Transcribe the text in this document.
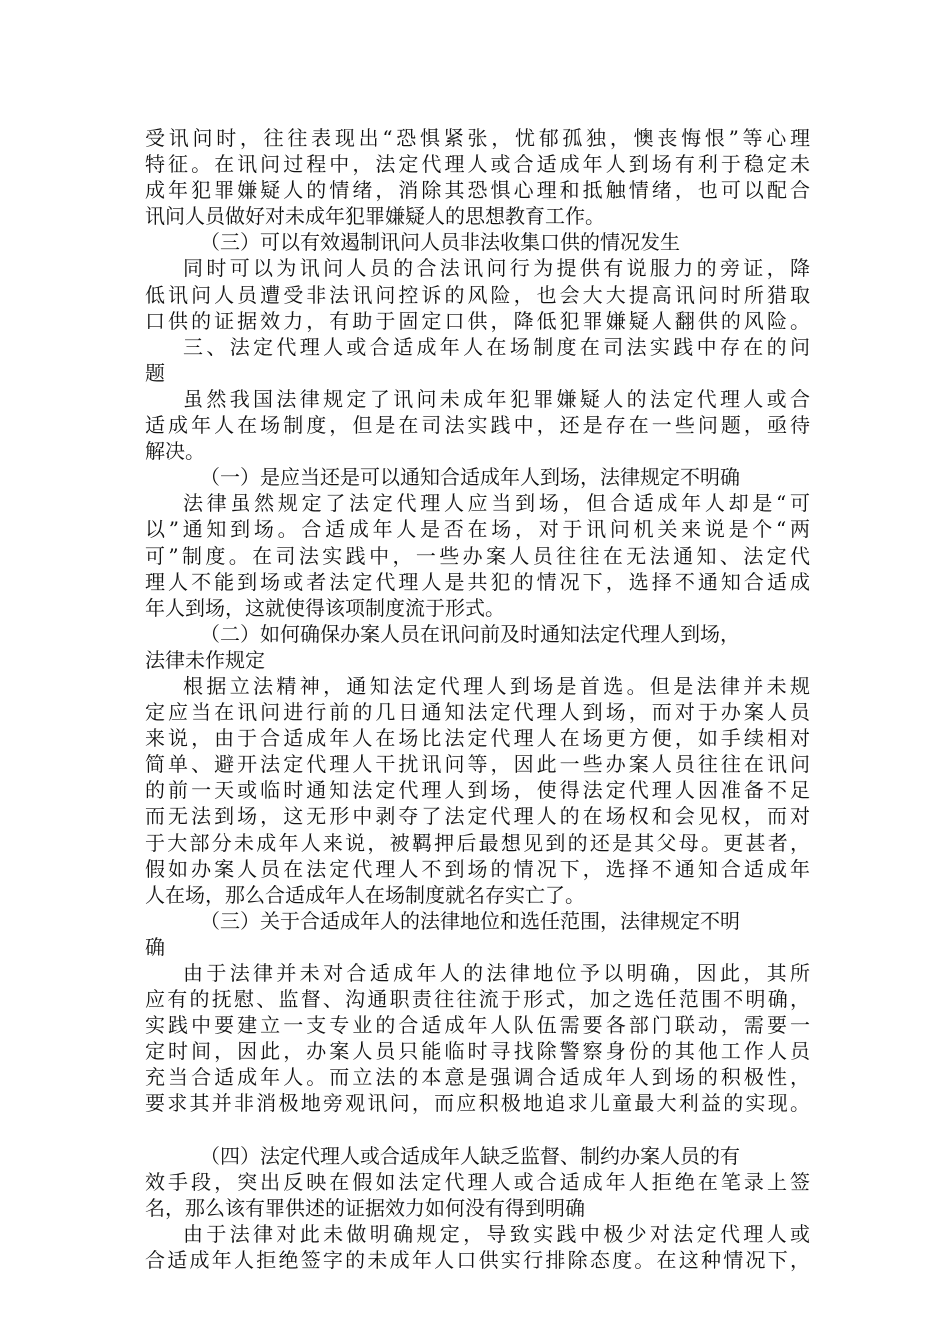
受讯问时，往往表现出“恐惧紧张，忧郁孤独，懊丧悔恨”等心理
特征。在讯问过程中，法定代理人或合适成年人到场有利于稳定未
成年犯罪嫌疑人的情绪，消除其恐惧心理和抵触情绪，也可以配合
讯问人员做好对未成年犯罪嫌疑人的思想教育工作。
（三）可以有效遏制讯问人员非法收集口供的情况发生
同时可以为讯问人员的合法讯问行为提供有说服力的旁证，降
低讯问人员遭受非法讯问控诉的风险，也会大大提高讯问时所猎取
口供的证据效力，有助于固定口供，降低犯罪嫌疑人翻供的风险。
三、法定代理人或合适成年人在场制度在司法实践中存在的问
题
虽然我国法律规定了讯问未成年犯罪嫌疑人的法定代理人或合
适成年人在场制度，但是在司法实践中，还是存在一些问题，亟待
解决。
（一）是应当还是可以通知合适成年人到场，法律规定不明确
法律虽然规定了法定代理人应当到场，但合适成年人却是“可
以”通知到场。合适成年人是否在场，对于讯问机关来说是个“两
可”制度。在司法实践中，一些办案人员往往在无法通知、法定代
理人不能到场或者法定代理人是共犯的情况下，选择不通知合适成
年人到场，这就使得该项制度流于形式。
（二）如何确保办案人员在讯问前及时通知法定代理人到场，
法律未作规定
根据立法精神，通知法定代理人到场是首选。但是法律并未规
定应当在讯问进行前的几日通知法定代理人到场，而对于办案人员
来说，由于合适成年人在场比法定代理人在场更方便，如手续相对
简单、避开法定代理人干扰讯问等，因此一些办案人员往往在讯问
的前一天或临时通知法定代理人到场，使得法定代理人因准备不足
而无法到场，这无形中剥夺了法定代理人的在场权和会见权，而对
于大部分未成年人来说，被羁押后最想见到的还是其父母。更甚者，
假如办案人员在法定代理人不到场的情况下，选择不通知合适成年
人在场，那么合适成年人在场制度就名存实亡了。
（三）关于合适成年人的法律地位和选任范围，法律规定不明
确
由于法律并未对合适成年人的法律地位予以明确，因此，其所
应有的抚慰、监督、沟通职责往往流于形式，加之选任范围不明确，
实践中要建立一支专业的合适成年人队伍需要各部门联动，需要一
定时间，因此，办案人员只能临时寻找除警察身份的其他工作人员
充当合适成年人。而立法的本意是强调合适成年人到场的积极性，
要求其并非消极地旁观讯问，而应积极地追求儿童最大利益的实现。
（四）法定代理人或合适成年人缺乏监督、制约办案人员的有
效手段，突出反映在假如法定代理人或合适成年人拒绝在笔录上签
名，那么该有罪供述的证据效力如何没有得到明确
由于法律对此未做明确规定，导致实践中极少对法定代理人或
合适成年人拒绝签字的未成年人口供实行排除态度。在这种情况下，
